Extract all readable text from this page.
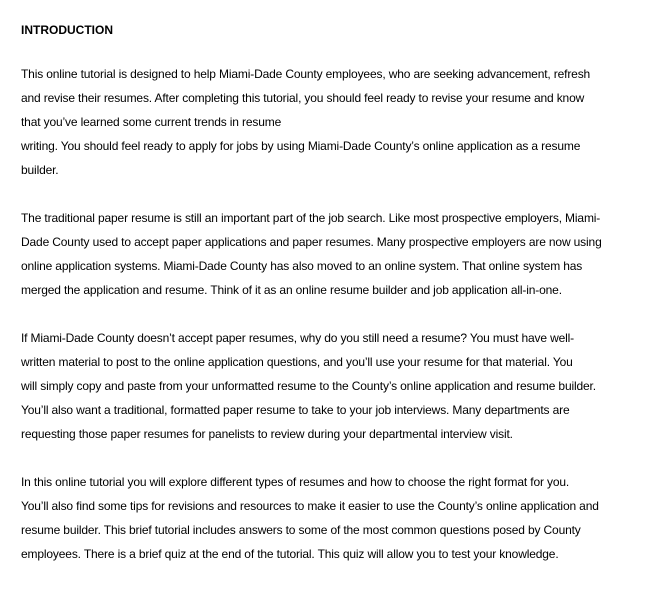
INTRODUCTION
This online tutorial is designed to help Miami-Dade County employees, who are seeking advancement, refresh
and revise their resumes. After completing this tutorial, you should feel ready to revise your resume and know
that you’ve learned some current trends in resume
writing. You should feel ready to apply for jobs by using Miami-Dade County’s online application as a resume
builder.
The traditional paper resume is still an important part of the job search. Like most prospective employers, Miami-
Dade County used to accept paper applications and paper resumes. Many prospective employers are now using
online application systems. Miami-Dade County has also moved to an online system. That online system has
merged the application and resume. Think of it as an online resume builder and job application all-in-one.
If Miami-Dade County doesn’t accept paper resumes, why do you still need a resume? You must have well-
written material to post to the online application questions, and you’ll use your resume for that material. You
will simply copy and paste from your unformatted resume to the County’s online application and resume builder.
You’ll also want a traditional, formatted paper resume to take to your job interviews. Many departments are
requesting those paper resumes for panelists to review during your departmental interview visit.
In this online tutorial you will explore different types of resumes and how to choose the right format for you.
You’ll also find some tips for revisions and resources to make it easier to use the County’s online application and
resume builder. This brief tutorial includes answers to some of the most common questions posed by County
employees. There is a brief quiz at the end of the tutorial. This quiz will allow you to test your knowledge.
